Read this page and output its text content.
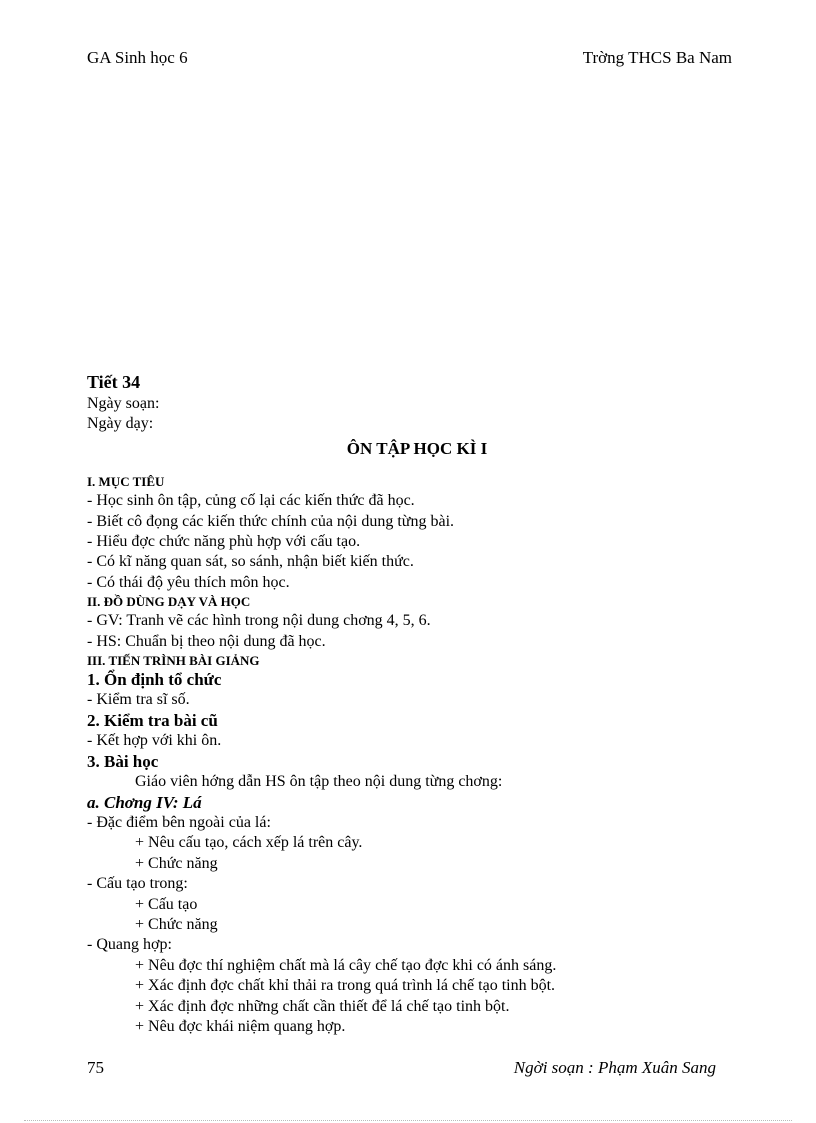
GA Sinh học 6	Trờng THCS Ba Nam
Tiết 34
Ngày soạn:
Ngày dạy:
ÔN TẬP HỌC KÌ I
I. MỤC TIÊU
- Học sinh ôn tập, củng cố lại các kiến thức đã học.
- Biết cô đọng các kiến thức chính của nội dung từng bài.
- Hiểu đợc chức năng phù hợp với cấu tạo.
- Có kĩ năng quan sát, so sánh, nhận biết kiến thức.
- Có thái độ yêu thích môn học.
II. ĐỒ DÙNG DẠY VÀ HỌC
- GV: Tranh vẽ các hình trong nội dung chơng 4, 5, 6.
- HS: Chuẩn bị theo nội dung đã học.
III. TIẾN TRÌNH BÀI GIẢNG
1. Ổn định tổ chức
- Kiểm tra sĩ số.
2. Kiểm tra bài cũ
- Kết hợp với khi ôn.
3. Bài học
Giáo viên hớng dẫn HS ôn tập theo nội dung từng chơng:
a. Chơng IV: Lá
- Đặc điểm bên ngoài của lá:
+ Nêu cấu tạo, cách xếp lá trên cây.
+ Chức năng
- Cấu tạo trong:
+ Cấu tạo
+ Chức năng
- Quang hợp:
+ Nêu đợc thí nghiệm chất mà lá cây chế tạo đợc khi có ánh sáng.
+ Xác định đợc chất khỉ thải ra trong quá trình lá chế tạo tinh bột.
+ Xác định đợc những chất cần thiết để lá chế tạo tinh bột.
+ Nêu đợc khái niệm quang hợp.
75	Ngời soạn : Phạm Xuân Sang
